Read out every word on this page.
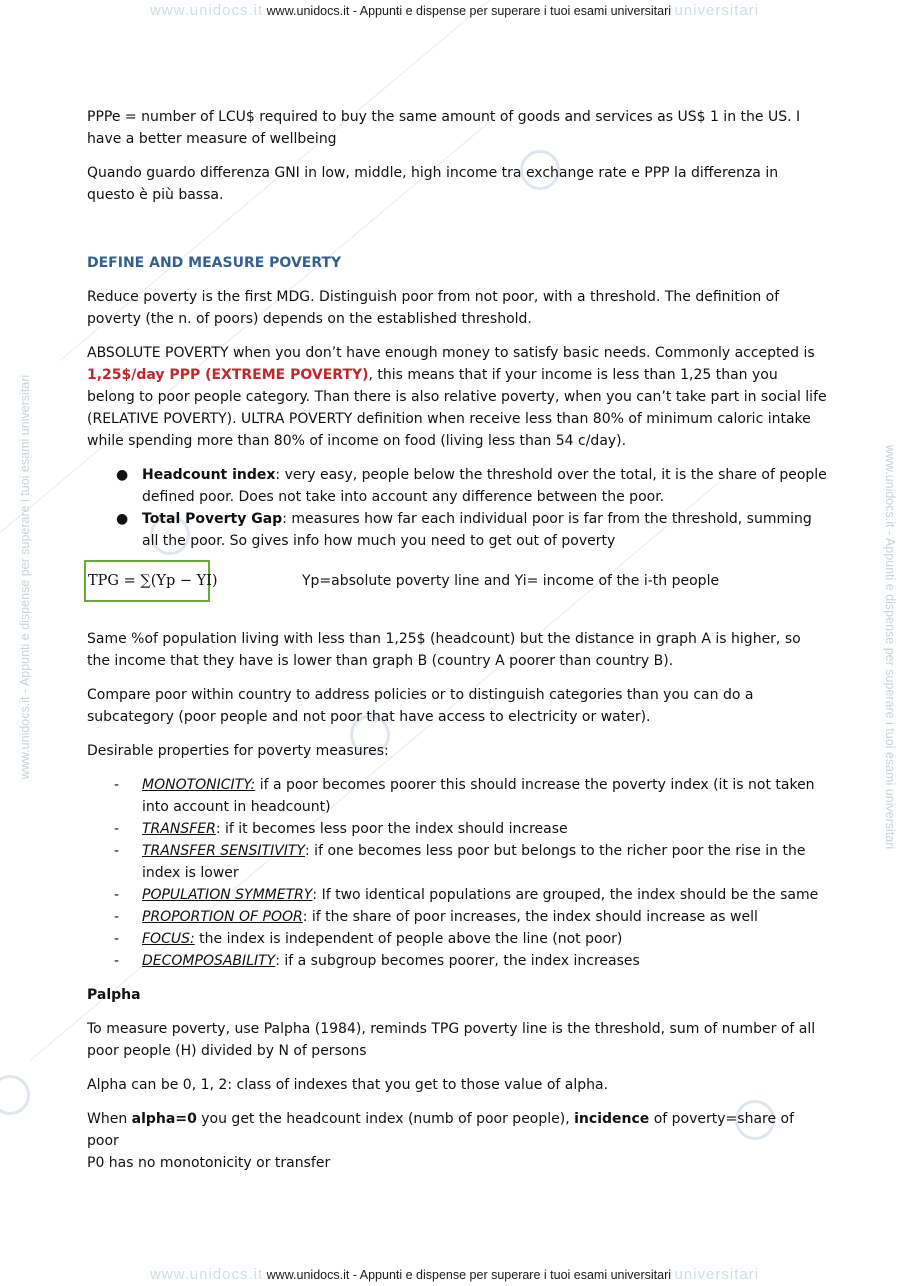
www.unidocs.it www.unidocs.it - Appunti e dispense per superare i tuoi esami universitari universitari
www.unidocs.it - Appunti e dispense per superare i tuoi esami universitari	www.unidocs.it - Appunti e dispense per superare i tuoi esami universitari

PPPe = number of LCU$ required to buy the same amount of goods and services as US$ 1 in the US. I have a better measure of wellbeing

Quando guardo differenza GNI in low, middle, high income tra exchange rate e PPP la differenza in questo è più bassa.

DEFINE AND MEASURE POVERTY

Reduce poverty is the first MDG. Distinguish poor from not poor, with a threshold. The definition of poverty (the n. of poors) depends on the established threshold.

ABSOLUTE POVERTY when you don’t have enough money to satisfy basic needs. Commonly accepted is 1,25$/day PPP (EXTREME POVERTY), this means that if your income is less than 1,25 than you belong to poor people category. Than there is also relative poverty, when you can’t take part in social life (RELATIVE POVERTY). ULTRA POVERTY definition when receive less than 80% of minimum caloric intake while spending more than 80% of income on food (living less than 54 c/day).

● Headcount index: very easy, people below the threshold over the total, it is the share of people defined poor. Does not take into account any difference between the poor.
● Total Poverty Gap: measures how far each individual poor is far from the threshold, summing all the poor. So gives info how much you need to get out of poverty
TPG = ∑(Yp − YI)	Yp=absolute poverty line and Yi= income of the i-th people

Same %of population living with less than 1,25$ (headcount) but the distance in graph A is higher, so the income that they have is lower than graph B (country A poorer than country B).

Compare poor within country to address policies or to distinguish categories than you can do a subcategory (poor people and not poor that have access to electricity or water).

Desirable properties for poverty measures:

- MONOTONICITY: if a poor becomes poorer this should increase the poverty index (it is not taken into account in headcount)
- TRANSFER: if it becomes less poor the index should increase
- TRANSFER SENSITIVITY: if one becomes less poor but belongs to the richer poor the rise in the index is lower
- POPULATION SYMMETRY: If two identical populations are grouped, the index should be the same
- PROPORTION OF POOR: if the share of poor increases, the index should increase as well
- FOCUS: the index is independent of people above the line (not poor)
- DECOMPOSABILITY: if a subgroup becomes poorer, the index increases

Palpha

To measure poverty, use Palpha (1984), reminds TPG poverty line is the threshold, sum of number of all poor people (H) divided by N of persons

Alpha can be 0, 1, 2: class of indexes that you get to those value of alpha.

When alpha=0 you get the headcount index (numb of poor people), incidence of poverty=share of poor

P0 has no monotonicity or transfer

www.unidocs.it www.unidocs.it - Appunti e dispense per superare i tuoi esami universitari universitari
